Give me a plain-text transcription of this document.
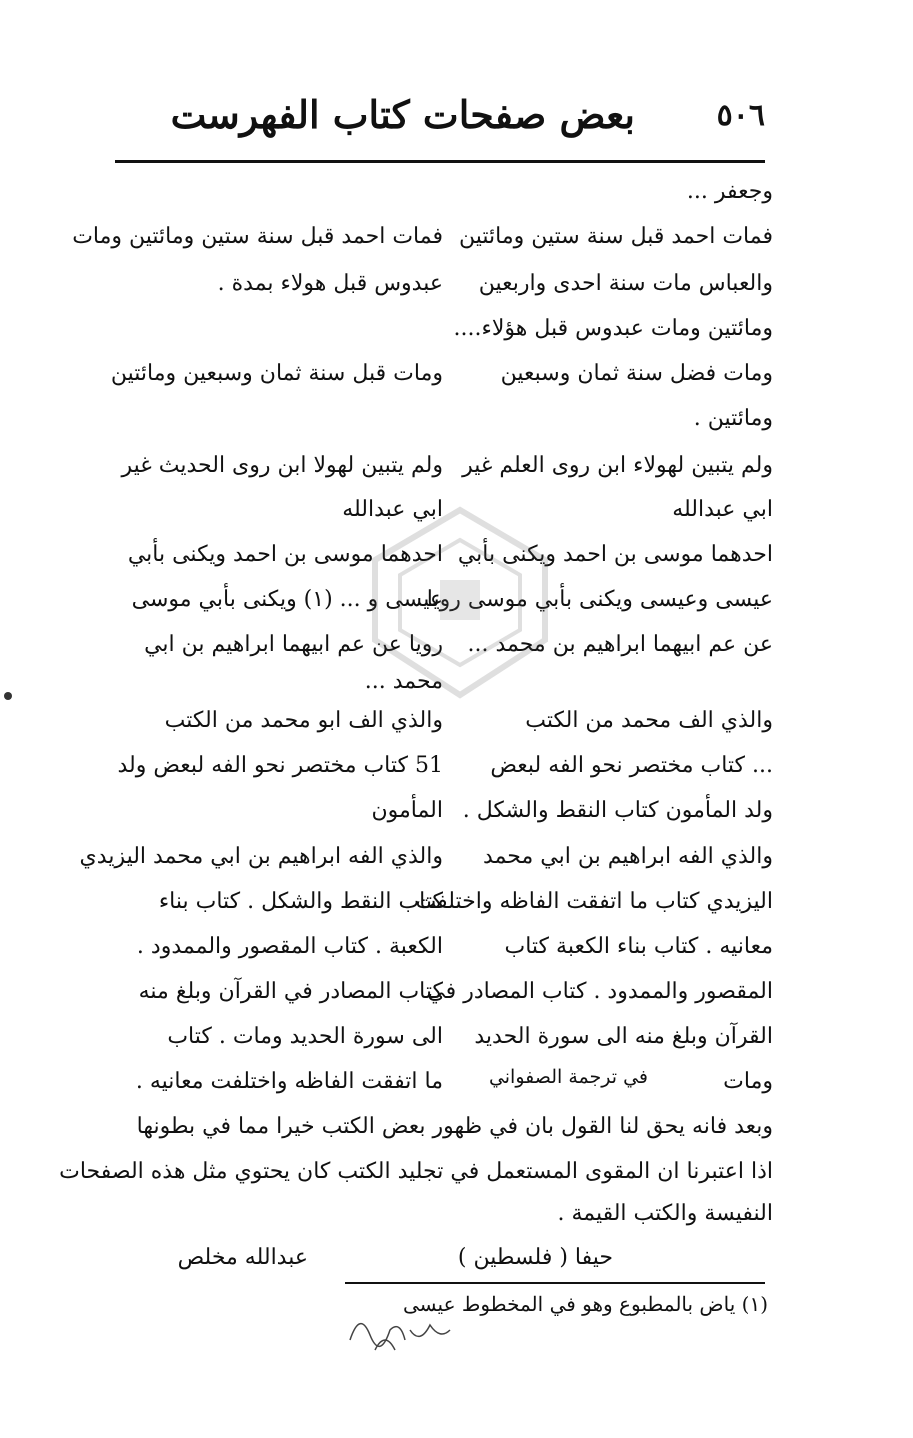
٥٠٦
بعض صفحات كتاب الفهرست
وجعفر ...
فمات احمد قبل سنة ستين ومائتين
فمات احمد قبل سنة ستين ومائتين ومات
والعباس مات سنة احدى واربعين
عبدوس قبل هولاء بمدة .
ومائتين ومات عبدوس قبل هؤلاء....
ومات فضل سنة ثمان وسبعين
ومات قبل سنة ثمان وسبعين ومائتين
ومائتين .
ولم يتبين لهولاء ابن روى العلم غير
ولم يتبين لهولا ابن روى الحديث غير
ابي عبدالله
ابي عبدالله
احدهما موسى بن احمد ويكنى بأبي
احدهما موسى بن احمد ويكنى بأبي
عيسى وعيسى ويكنى بأبي موسى رويا
عيسى و ... (١) ويكنى بأبي موسى
عن عم ابيهما ابراهيم بن محمد ...
رويا عن عم ابيهما ابراهيم بن ابي
محمد ...
والذي الف محمد من الكتب
والذي الف ابو محمد من الكتب
... كتاب مختصر نحو الفه لبعض
51 كتاب مختصر نحو الفه لبعض ولد
ولد المأمون كتاب النقط والشكل .
المأمون
والذي الفه ابراهيم بن ابي محمد
والذي الفه ابراهيم بن ابي محمد اليزيدي
اليزيدي كتاب ما اتفقت الفاظه واختلفت
كتاب النقط والشكل . كتاب بناء
معانيه . كتاب بناء الكعبة كتاب
الكعبة . كتاب المقصور والممدود .
المقصور والممدود . كتاب المصادر في
كتاب المصادر في القرآن وبلغ منه
القرآن وبلغ منه الى سورة الحديد
الى سورة الحديد ومات . كتاب
ومات
في ترجمة الصفواني
ما اتفقت الفاظه واختلفت معانيه .
وبعد فانه يحق لنا القول بان في ظهور بعض الكتب خيرا مما في بطونها
اذا اعتبرنا ان المقوى المستعمل في تجليد الكتب كان يحتوي مثل هذه الصفحات
النفيسة والكتب القيمة .
حيفا ( فلسطين )
عبدالله مخلص
(١) ياض بالمطبوع وهو في المخطوط عيسى
